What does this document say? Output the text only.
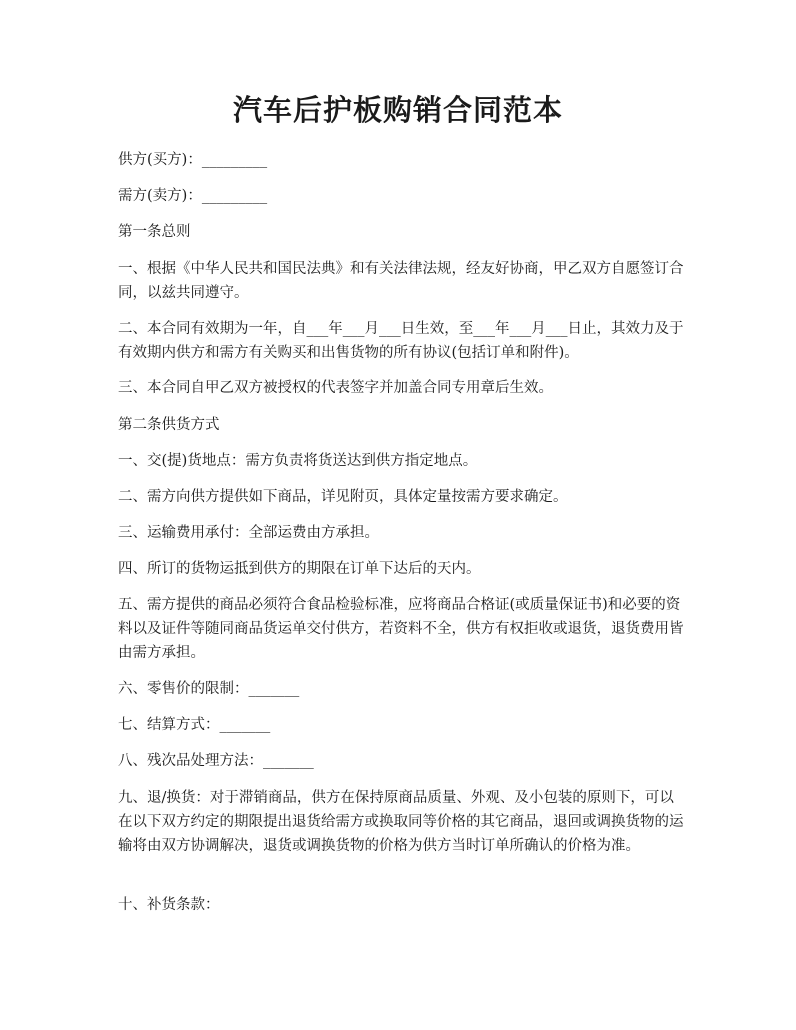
汽车后护板购销合同范本

供方(买方)：_________

需方(卖方)：_________

第一条总则

一、根据《中华人民共和国民法典》和有关法律法规，经友好协商，甲乙双方自愿签订合同，以兹共同遵守。

二、本合同有效期为一年，自___年___月___日生效，至___年___月___日止，其效力及于有效期内供方和需方有关购买和出售货物的所有协议(包括订单和附件)。

三、本合同自甲乙双方被授权的代表签字并加盖合同专用章后生效。

第二条供货方式

一、交(提)货地点：需方负责将货送达到供方指定地点。

二、需方向供方提供如下商品，详见附页，具体定量按需方要求确定。

三、运输费用承付：全部运费由方承担。

四、所订的货物运抵到供方的期限在订单下达后的天内。

五、需方提供的商品必须符合食品检验标准，应将商品合格证(或质量保证书)和必要的资料以及证件等随同商品货运单交付供方，若资料不全，供方有权拒收或退货，退货费用皆由需方承担。

六、零售价的限制：_______

七、结算方式：_______

八、残次品处理方法：_______

九、退/换货：对于滞销商品，供方在保持原商品质量、外观、及小包装的原则下，可以在以下双方约定的期限提出退货给需方或换取同等价格的其它商品，退回或调换货物的运输将由双方协调解决，退货或调换货物的价格为供方当时订单所确认的价格为准。

十、补货条款：
